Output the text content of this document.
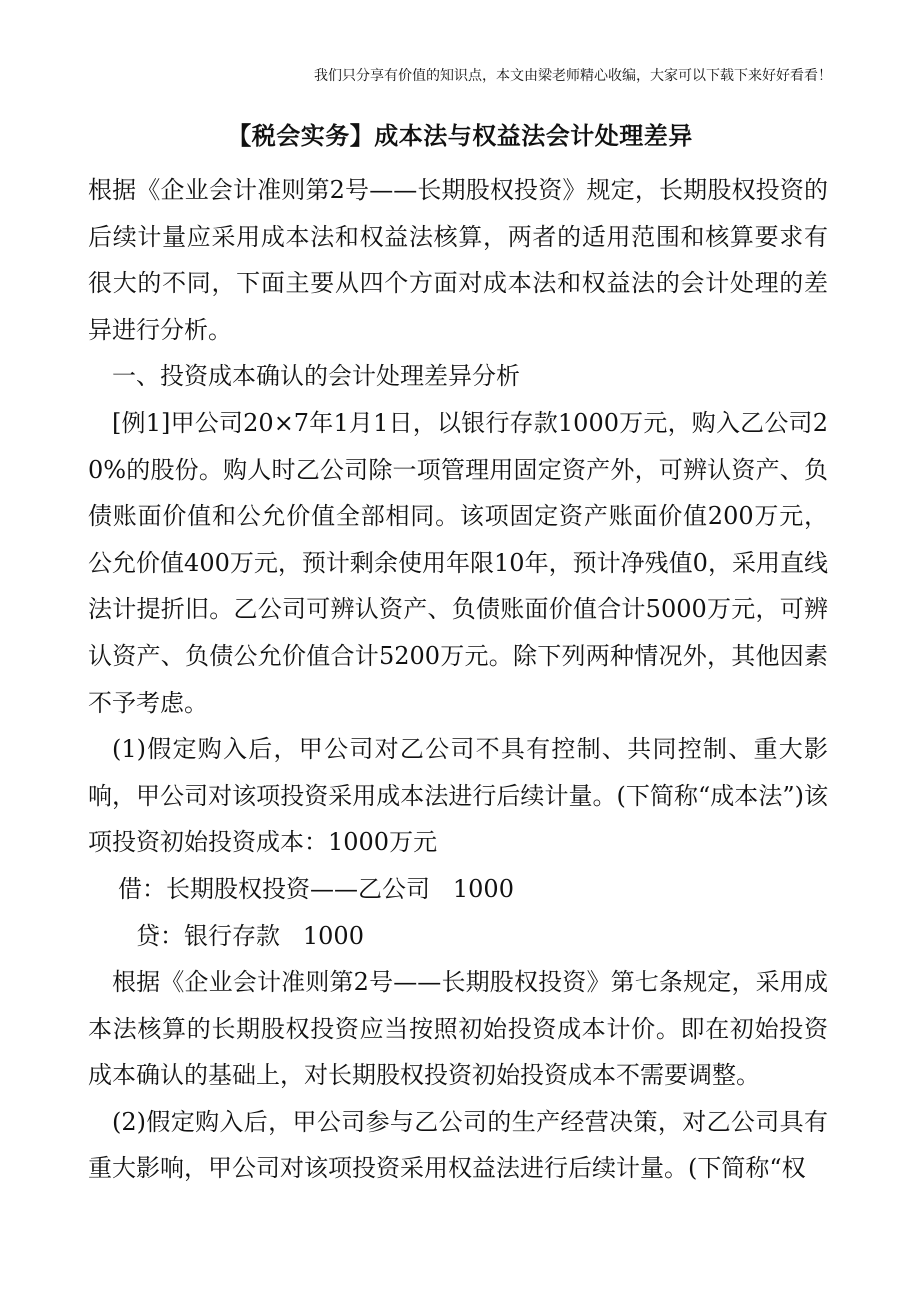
我们只分享有价值的知识点，本文由梁老师精心收编，大家可以下载下来好好看看！
【税会实务】成本法与权益法会计处理差异

根据《企业会计准则第2号——长期股权投资》规定，长期股权投资的后续计量应采用成本法和权益法核算，两者的适用范围和核算要求有很大的不同，下面主要从四个方面对成本法和权益法的会计处理的差异进行分析。

一、投资成本确认的会计处理差异分析

[例1]甲公司20×7年1月1日，以银行存款1000万元，购入乙公司20%的股份。购人时乙公司除一项管理用固定资产外，可辨认资产、负债账面价值和公允价值全部相同。该项固定资产账面价值200万元，公允价值400万元，预计剩余使用年限10年，预计净残值0，采用直线法计提折旧。乙公司可辨认资产、负债账面价值合计5000万元，可辨认资产、负债公允价值合计5200万元。除下列两种情况外，其他因素不予考虑。

(1)假定购入后，甲公司对乙公司不具有控制、共同控制、重大影响，甲公司对该项投资采用成本法进行后续计量。(下简称“成本法”)该项投资初始投资成本：1000万元

借：长期股权投资——乙公司   1000

贷：银行存款   1000

根据《企业会计准则第2号——长期股权投资》第七条规定，采用成本法核算的长期股权投资应当按照初始投资成本计价。即在初始投资成本确认的基础上，对长期股权投资初始投资成本不需要调整。

(2)假定购入后，甲公司参与乙公司的生产经营决策，对乙公司具有重大影响，甲公司对该项投资采用权益法进行后续计量。(下简称“权
